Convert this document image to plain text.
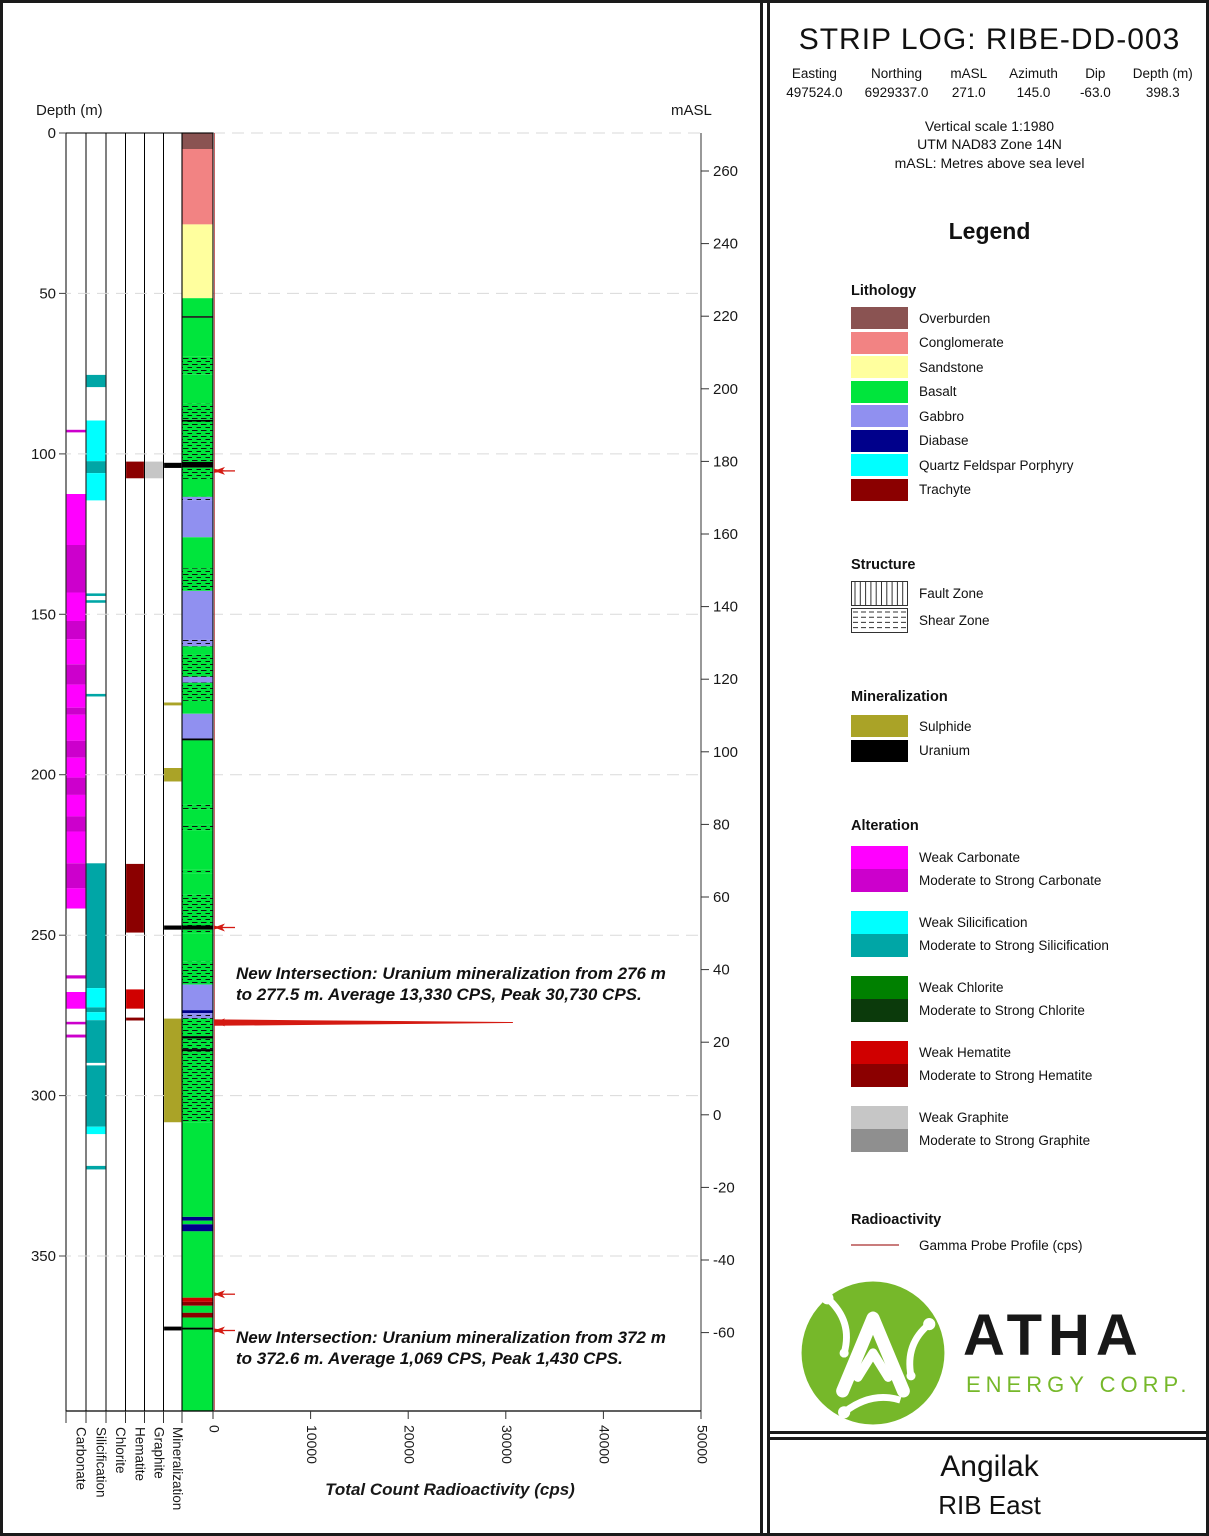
0
50
100
150
200
250
300
350
Depth (m)
260
240
220
200
180
160
140
120
100
80
60
40
20
0
-20
-40
-60
mASL
0	10000	20000	30000	40000	50000
Carbonate Silicification Chlorite Hematite Graphite Mineralization	Total Count Radioactivity (cps)
New Intersection: Uranium mineralization from 276 m
to 277.5 m. Average 13,330 CPS, Peak 30,730 CPS.
New Intersection: Uranium mineralization from 372 m
to 372.6 m. Average 1,069 CPS, Peak 1,430 CPS.
STRIP LOG: RIBE-DD-003
Easting
497524.0
Northing
6929337.0
mASL
271.0
Azimuth
145.0
Dip
-63.0
Depth (m)
398.3
Vertical scale 1:1980
UTM NAD83 Zone 14N
mASL: Metres above sea level
Legend
Lithology
Overburden
Conglomerate
Sandstone
Basalt
Gabbro
Diabase
Quartz Feldspar Porphyry
Trachyte
Structure
Fault Zone
Shear Zone
Mineralization
Sulphide
Uranium
Alteration
Weak Carbonate
Moderate to Strong Carbonate
Weak Silicification
Moderate to Strong Silicification
Weak Chlorite
Moderate to Strong Chlorite
Weak Hematite
Moderate to Strong Hematite
Weak Graphite
Moderate to Strong Graphite
Radioactivity
Gamma Probe Profile (cps)
ATHA
ENERGY CORP.
Angilak
RIB East
